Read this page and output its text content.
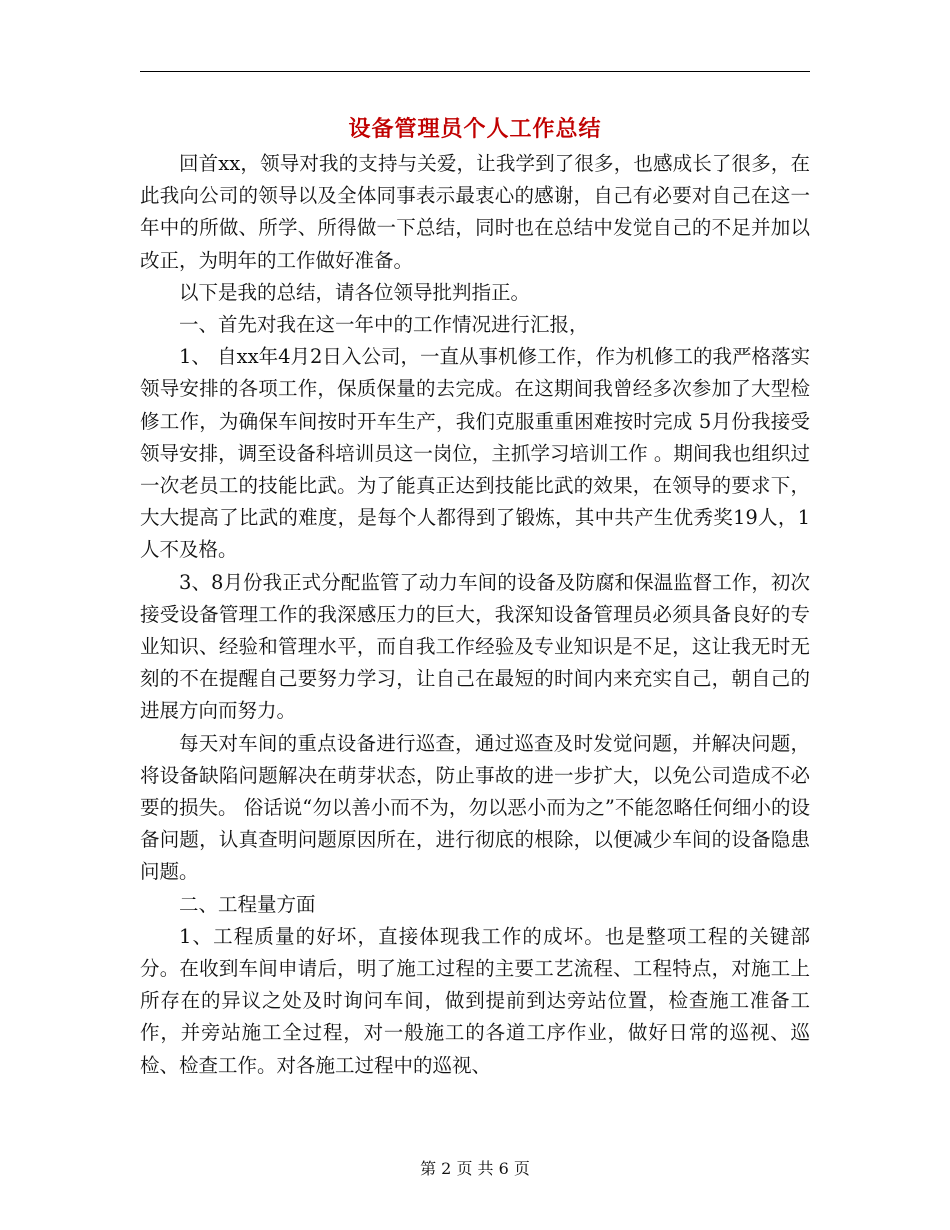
设备管理员个人工作总结

回首xx，领导对我的支持与关爱，让我学到了很多，也感成长了很多，在此我向公司的领导以及全体同事表示最衷心的感谢，自己有必要对自己在这一年中的所做、所学、所得做一下总结，同时也在总结中发觉自己的不足并加以改正，为明年的工作做好准备。

以下是我的总结，请各位领导批判指正。

一、首先对我在这一年中的工作情况进行汇报，

1、 自xx年4月2日入公司，一直从事机修工作，作为机修工的我严格落实领导安排的各项工作，保质保量的去完成。在这期间我曾经多次参加了大型检修工作，为确保车间按时开车生产，我们克服重重困难按时完成 5月份我接受领导安排，调至设备科培训员这一岗位，主抓学习培训工作 。期间我也组织过一次老员工的技能比武。为了能真正达到技能比武的效果，在领导的要求下，大大提高了比武的难度，是每个人都得到了锻炼，其中共产生优秀奖19人，1人不及格。

3、8月份我正式分配监管了动力车间的设备及防腐和保温监督工作，初次接受设备管理工作的我深感压力的巨大，我深知设备管理员必须具备良好的专业知识、经验和管理水平，而自我工作经验及专业知识是不足，这让我无时无刻的不在提醒自己要努力学习，让自己在最短的时间内来充实自己，朝自己的进展方向而努力。

每天对车间的重点设备进行巡查，通过巡查及时发觉问题，并解决问题，将设备缺陷问题解决在萌芽状态，防止事故的进一步扩大，以免公司造成不必要的损失。 俗话说“勿以善小而不为，勿以恶小而为之”不能忽略任何细小的设备问题，认真查明问题原因所在，进行彻底的根除，以便减少车间的设备隐患问题。

二、工程量方面

1、工程质量的好坏，直接体现我工作的成坏。也是整项工程的关键部分。在收到车间申请后，明了施工过程的主要工艺流程、工程特点，对施工上所存在的异议之处及时询问车间，做到提前到达旁站位置，检查施工准备工作，并旁站施工全过程，对一般施工的各道工序作业，做好日常的巡视、巡检、检查工作。对各施工过程中的巡视、

第 2 页 共 6 页
